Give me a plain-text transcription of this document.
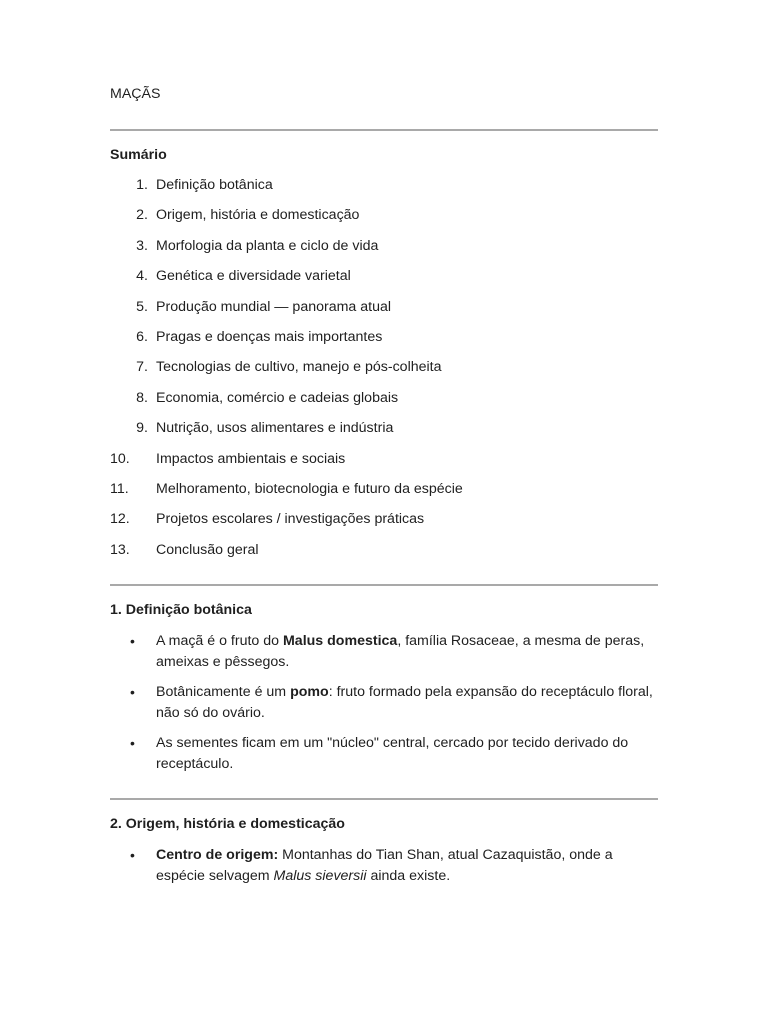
MAÇÃS
Sumário
1. Definição botânica
2. Origem, história e domesticação
3. Morfologia da planta e ciclo de vida
4. Genética e diversidade varietal
5. Produção mundial — panorama atual
6. Pragas e doenças mais importantes
7. Tecnologias de cultivo, manejo e pós-colheita
8. Economia, comércio e cadeias globais
9. Nutrição, usos alimentares e indústria
10. Impactos ambientais e sociais
11. Melhoramento, biotecnologia e futuro da espécie
12. Projetos escolares / investigações práticas
13. Conclusão geral
1. Definição botânica
• A maçã é o fruto do Malus domestica, família Rosaceae, a mesma de peras, ameixas e pêssegos.
• Botânicamente é um pomo: fruto formado pela expansão do receptáculo floral, não só do ovário.
• As sementes ficam em um "núcleo" central, cercado por tecido derivado do receptáculo.
2. Origem, história e domesticação
• Centro de origem: Montanhas do Tian Shan, atual Cazaquistão, onde a espécie selvagem Malus sieversii ainda existe.
